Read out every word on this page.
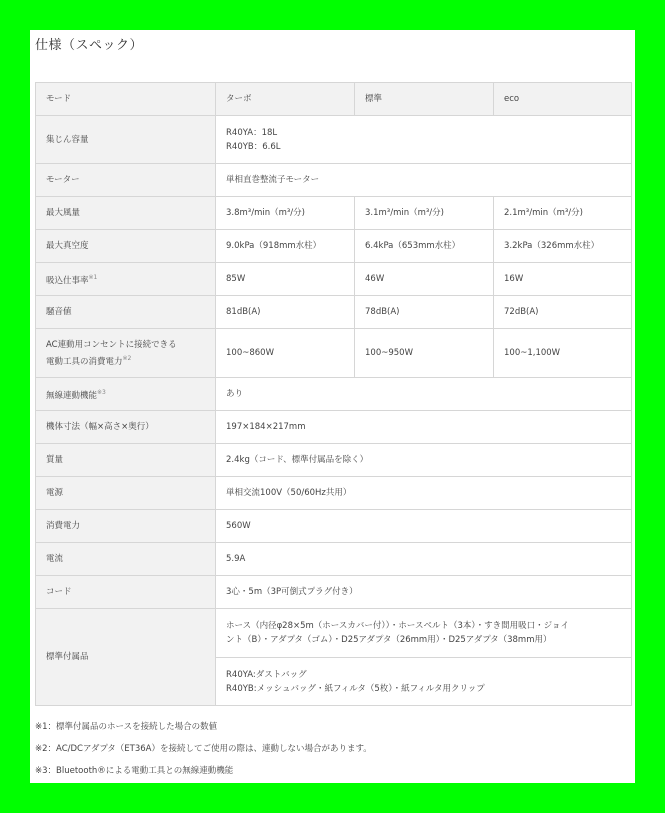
仕様（スペック）
モード	ターボ	標準	eco
集じん容量	R40YA：18L
R40YB：6.6L		

モーター	単相直巻整流子モーター		
最大風量	3.8m³/min（m³/分)	3.1m³/min（m³/分)	2.1m³/min（m³/分)
最大真空度	9.0kPa（918mm水柱）	6.4kPa（653mm水柱）	3.2kPa（326mm水柱）
吸込仕事率$^{※1}$	85W	46W	16W
騒音値	81dB(A)	78dB(A)	72dB(A)

AC連動用コンセントに接続できる
電動工具の消費電力$^{※2}$	100~860W	100~950W	100~1,100W
無線連動機能$^{※3}$	あり		
機体寸法（幅×高さ×奥行）	197×184×217mm		
質量	2.4kg（コード、標準付属品を除く）		
電源	単相交流100V（50/60Hz共用）		
消費電力	560W		
電流	5.9A		
コード	3心・5m（3P可倒式プラグ付き）		
標準付属品	ホース（内径φ28×5m（ホースカバー付））・ホースベルト（3本）・すき間用吸口・ジョイ
ント（B）・アダプタ（ゴム）・D25アダプタ（26mm用）・D25アダプタ（38mm用）		

	R40YA:ダストバッグ
R40YB:メッシュバッグ・紙フィルタ（5枚）・紙フィルタ用クリップ		
※1：標準付属品のホースを接続した場合の数値
※2：AC/DCアダプタ（ET36A）を接続してご使用の際は、連動しない場合があります。
※3：Bluetooth®による電動工具との無線連動機能
